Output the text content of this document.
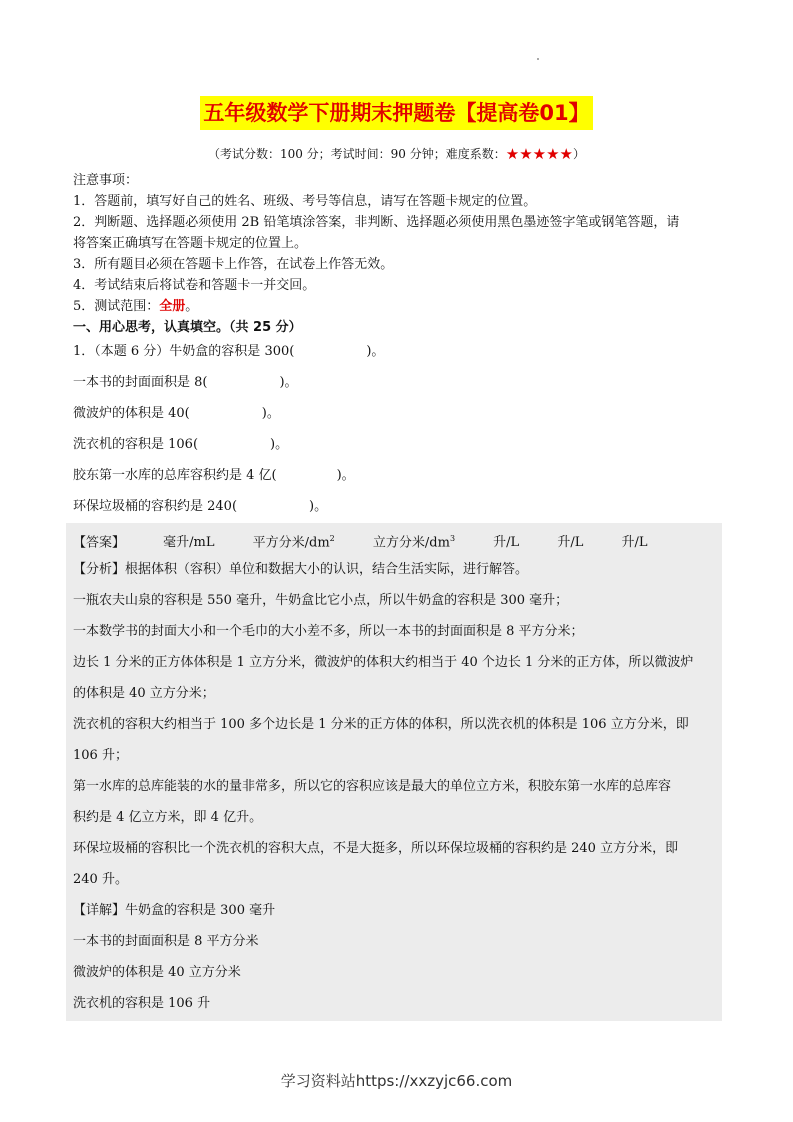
五年级数学下册期末押题卷【提高卷01】
（考试分数：100 分；考试时间：90 分钟；难度系数：★★★★★）
注意事项：
1．答题前，填写好自己的姓名、班级、考号等信息，请写在答题卡规定的位置。
2．判断题、选择题必须使用 2B 铅笔填涂答案，非判断、选择题必须使用黑色墨迹签字笔或钢笔答题，请
将答案正确填写在答题卡规定的位置上。
3．所有题目必须在答题卡上作答，在试卷上作答无效。
4．考试结束后将试卷和答题卡一并交回。
5．测试范围：全册。
一、用心思考，认真填空。（共 25 分）
1．（本题 6 分）牛奶盒的容积是 300(	)。
一本书的封面面积是 8(	)。
微波炉的体积是 40(	)。
洗衣机的容积是 106(	)。
胶东第一水库的总库容积约是 4 亿(	)。
环保垃圾桶的容积约是 240(	)。
【答案】	毫升/mL	平方分米$/dm^2$	立方分米$/dm^3$	升/L	升/L	升/L
【分析】根据体积（容积）单位和数据大小的认识，结合生活实际，进行解答。
一瓶农夫山泉的容积是 550 毫升，牛奶盒比它小点，所以牛奶盒的容积是 300 毫升；
一本数学书的封面大小和一个毛巾的大小差不多，所以一本书的封面面积是 8 平方分米；
边长 1 分米的正方体体积是 1 立方分米，微波炉的体积大约相当于 40 个边长 1 分米的正方体，所以微波炉
的体积是 40 立方分米；
洗衣机的容积大约相当于 100 多个边长是 1 分米的正方体的体积，所以洗衣机的体积是 106 立方分米，即
106 升；
第一水库的总库能装的水的量非常多，所以它的容积应该是最大的单位立方米，积胶东第一水库的总库容
积约是 4 亿立方米，即 4 亿升。
环保垃圾桶的容积比一个洗衣机的容积大点，不是大挺多，所以环保垃圾桶的容积约是 240 立方分米，即
240 升。
【详解】牛奶盒的容积是 300 毫升
一本书的封面面积是 8 平方分米
微波炉的体积是 40 立方分米
洗衣机的容积是 106 升
学习资料站https://xxzyjc66.com
